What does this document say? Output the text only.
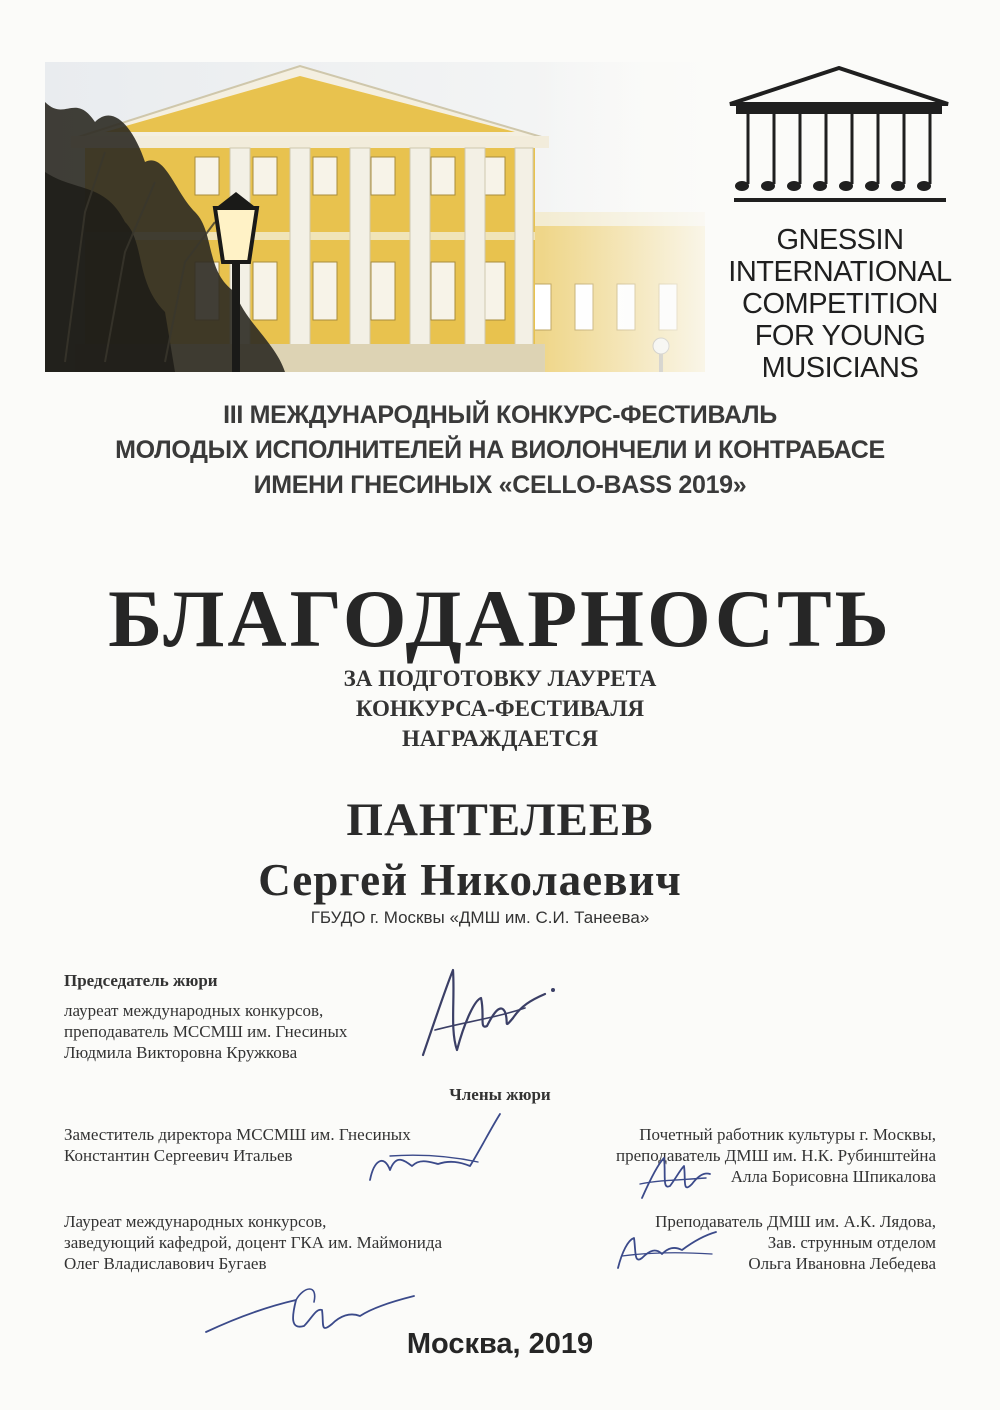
GNESSIN
INTERNATIONAL
COMPETITION
FOR YOUNG
MUSICIANS
III МЕЖДУНАРОДНЫЙ КОНКУРС-ФЕСТИВАЛЬ
МОЛОДЫХ ИСПОЛНИТЕЛЕЙ НА ВИОЛОНЧЕЛИ И КОНТРАБАСЕ
ИМЕНИ ГНЕСИНЫХ «CELLO-BASS 2019»
БЛАГОДАРНОСТЬ
ЗА ПОДГОТОВКУ ЛАУРЕТА
КОНКУРСА-ФЕСТИВАЛЯ
НАГРАЖДАЕТСЯ
ПАНТЕЛЕЕВ
Сергей Николаевич
ГБУДО г. Москвы «ДМШ им. С.И. Танеева»
Председатель жюри
лауреат международных конкурсов,
преподаватель МССМШ им. Гнесиных
Людмила Викторовна Кружкова
Члены жюри
Заместитель директора МССМШ им. Гнесиных
Константин Сергеевич Итальев
Почетный работник культуры г. Москвы,
преподаватель ДМШ им. Н.К. Рубинштейна
Алла Борисовна Шпикалова
Лауреат международных конкурсов,
заведующий кафедрой, доцент ГКА им. Маймонида
Олег Владиславович Бугаев
Преподаватель ДМШ им. А.К. Лядова,
Зав. струнным отделом
Ольга Ивановна Лебедева
Москва, 2019
